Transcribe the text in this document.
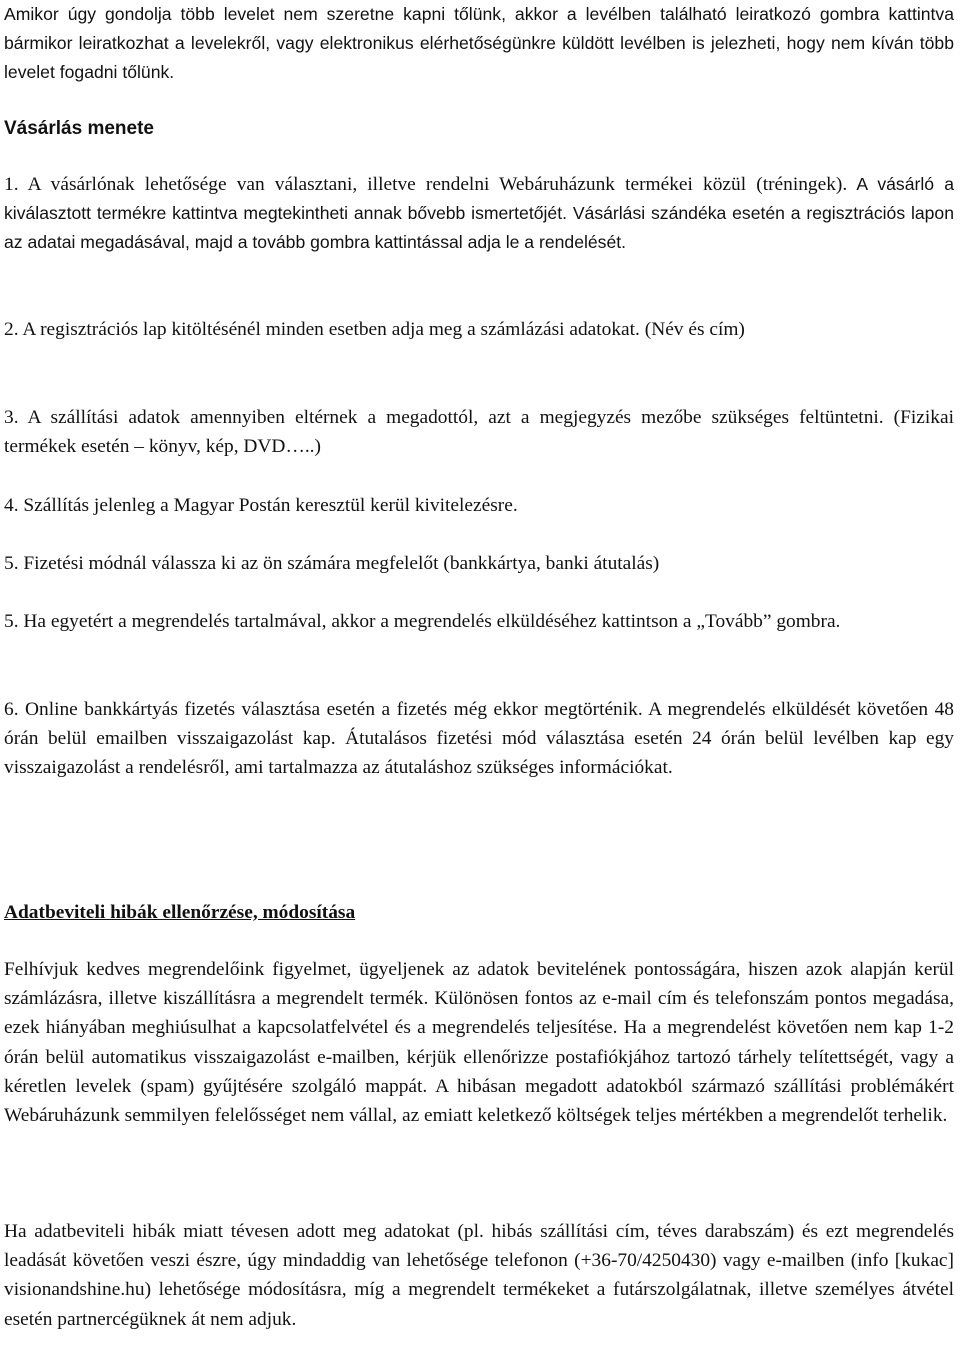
Amikor úgy gondolja több levelet nem szeretne kapni tőlünk, akkor a levélben található leiratkozó gombra kattintva bármikor leiratkozhat a levelekről, vagy elektronikus elérhetőségünkre küldött levélben is jelezheti, hogy nem kíván több levelet fogadni tőlünk.

Vásárlás menete

1. A vásárlónak lehetősége van választani, illetve rendelni Webáruházunk termékei közül (tréningek). A vásárló a kiválasztott termékre kattintva megtekintheti annak bővebb ismertetőjét. Vásárlási szándéka esetén a regisztrációs lapon az adatai megadásával, majd a tovább gombra kattintással adja le a rendelését.

2. A regisztrációs lap kitöltésénél minden esetben adja meg a számlázási adatokat. (Név és cím)

3. A szállítási adatok amennyiben eltérnek a megadottól, azt a megjegyzés mezőbe szükséges feltüntetni. (Fizikai termékek esetén – könyv, kép, DVD…..)

4. Szállítás jelenleg a Magyar Postán keresztül kerül kivitelezésre.

5. Fizetési módnál válassza ki az ön számára megfelelőt (bankkártya, banki átutalás)

5. Ha egyetért a megrendelés tartalmával, akkor a megrendelés elküldéséhez kattintson a „Tovább” gombra.

6. Online bankkártyás fizetés választása esetén a fizetés még ekkor megtörténik. A megrendelés elküldését követően 48 órán belül emailben visszaigazolást kap. Átutalásos fizetési mód választása esetén 24 órán belül levélben kap egy visszaigazolást a rendelésről, ami tartalmazza az átutaláshoz szükséges információkat.

Adatbeviteli hibák ellenőrzése, módosítása

Felhívjuk kedves megrendelőink figyelmet, ügyeljenek az adatok bevitelének pontosságára, hiszen azok alapján kerül számlázásra, illetve kiszállításra a megrendelt termék. Különösen fontos az e-mail cím és telefonszám pontos megadása, ezek hiányában meghiúsulhat a kapcsolatfelvétel és a megrendelés teljesítése. Ha a megrendelést követően nem kap 1-2 órán belül automatikus visszaigazolást e-mailben, kérjük ellenőrizze postafiókjához tartozó tárhely telítettségét, vagy a kéretlen levelek (spam) gyűjtésére szolgáló mappát. A hibásan megadott adatokból származó szállítási problémákért Webáruházunk semmilyen felelősséget nem vállal, az emiatt keletkező költségek teljes mértékben a megrendelőt terhelik.

Ha adatbeviteli hibák miatt tévesen adott meg adatokat (pl. hibás szállítási cím, téves darabszám) és ezt megrendelés leadását követően veszi észre, úgy mindaddig van lehetősége telefonon (+36-70/4250430) vagy e-mailben (info [kukac] visionandshine.hu) lehetősége módosításra, míg a megrendelt termékeket a futárszolgálatnak, illetve személyes átvétel esetén partnercégüknek át nem adjuk.
